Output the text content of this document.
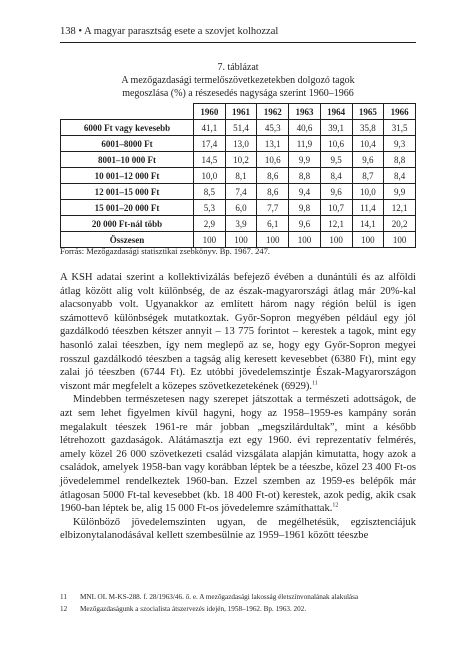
138 • A magyar parasztság esete a szovjet kolhozzal
7. táblázat
A mezőgazdasági termelőszövetkezetekben dolgozó tagok
megoszlása (%) a részesedés nagysága szerint 1960–1966
	1960	1961	1962	1963	1964	1965	1966
6000 Ft vagy kevesebb	41,1	51,4	45,3	40,6	39,1	35,8	31,5
6001–8000 Ft	17,4	13,0	13,1	11,9	10,6	10,4	9,3
8001–10 000 Ft	14,5	10,2	10,6	9,9	9,5	9,6	8,8
10 001–12 000 Ft	10,0	8,1	8,6	8,8	8,4	8,7	8,4
12 001–15 000 Ft	8,5	7,4	8,6	9,4	9,6	10,0	9,9
15 001–20 000 Ft	5,3	6,0	7,7	9,8	10,7	11,4	12,1
20 000 Ft-nál több	2,9	3,9	6,1	9,6	12,1	14,1	20,2
Összesen	100	100	100	100	100	100	100
Forrás: Mezőgazdasági statisztikai zsebkönyv. Bp. 1967. 247.

A KSH adatai szerint a kollektivizálás befejező évében a dunántúli és az alföldi átlag között alig volt különbség, de az észak-magyarországi átlag már 20%-kal alacsonyabb volt. Ugyanakkor az említett három nagy régión belül is igen számottevő különbségek mutatkoztak. Győr-Sopron megyében például egy jól gazdálkodó téeszben kétszer annyit – 13 775 forintot – kerestek a tagok, mint egy hasonló zalai téeszben, így nem meglepő az se, hogy egy Győr-Sopron megyei rosszul gazdálkodó téeszben a tagság alig keresett kevesebbet (6380 Ft), mint egy zalai jó téeszben (6744 Ft). Ez utóbbi jövedelemszintje Észak-Magyarországon viszont már megfelelt a közepes szövetkezetekének (6929).$^{11}$

Mindebben természetesen nagy szerepet játszottak a természeti adottságok, de azt sem lehet figyelmen kívül hagyni, hogy az 1958–1959-es kampány során megalakult téeszek 1961-re már jobban „megszilárdultak”, mint a később létrehozott gazdaságok. Alátámasztja ezt egy 1960. évi reprezentatív felmérés, amely közel 26 000 szövetkezeti család vizsgálata alapján kimutatta, hogy azok a családok, amelyek 1958-ban vagy korábban léptek be a téeszbe, közel 23 400 Ft-os jövedelemmel rendelkeztek 1960-ban. Ezzel szemben az 1959-es belépők már átlagosan 5000 Ft-tal kevesebbet (kb. 18 400 Ft-ot) kerestek, azok pedig, akik csak 1960-ban léptek be, alig 15 000 Ft-os jövedelemre számíthattak.$^{12}$

Különböző jövedelemszinten ugyan, de megélhetésük, egzisztenciájuk elbizonytalanodásával kellett szembesülnie az 1959–1961 között téeszbe

11	MNL OL M-KS-288. f. 28/1963/46. ő. e. A mezőgazdasági lakosság életszínvonalának alakulása
12	Mezőgazdaságunk a szocialista átszervezés idején, 1958–1962. Bp. 1963. 202.
